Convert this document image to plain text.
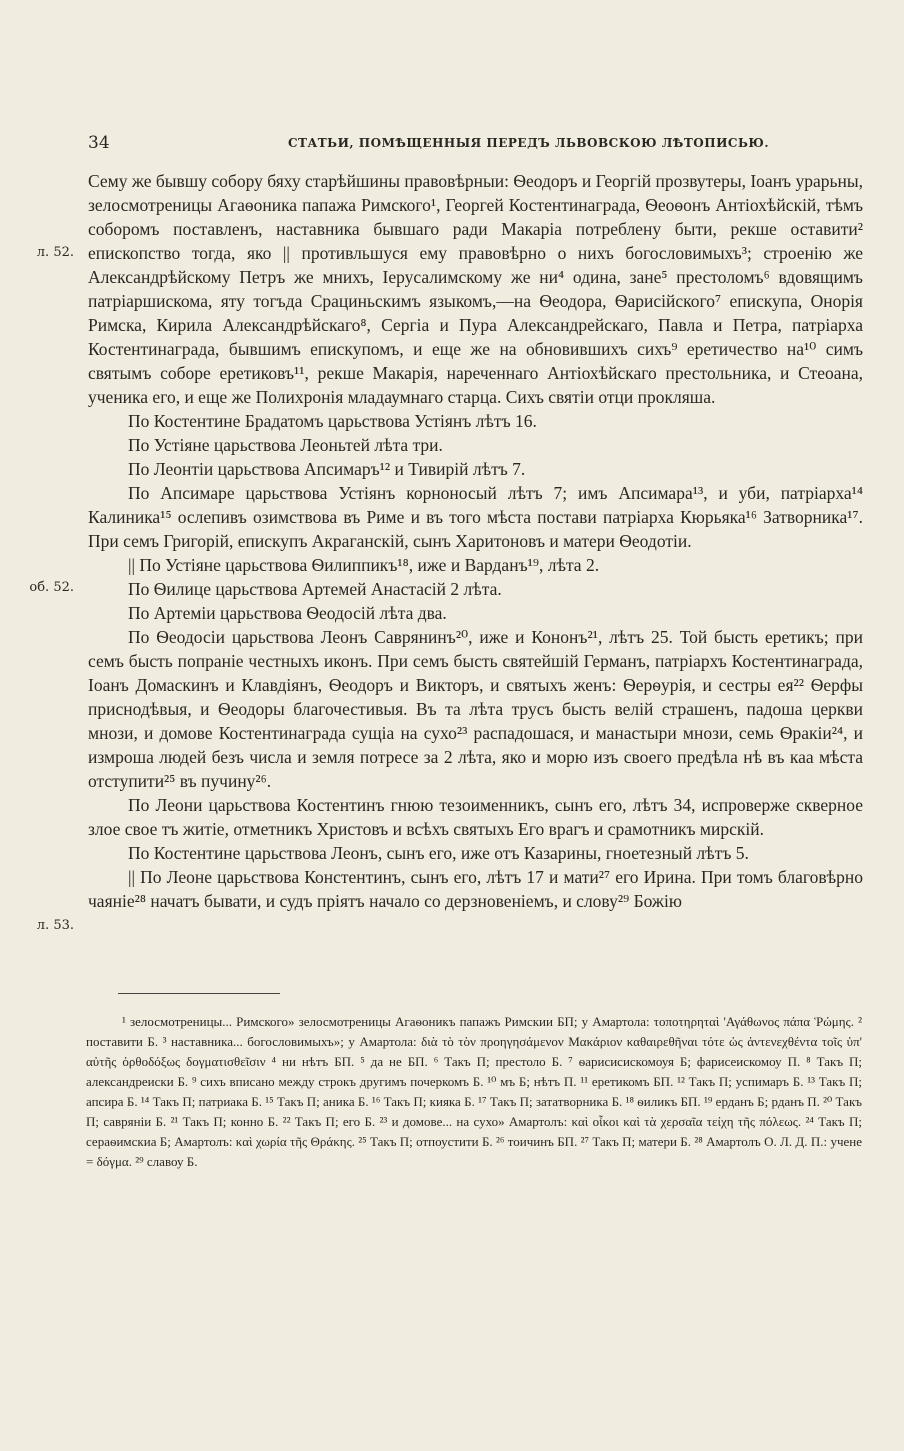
34	СТАТЬИ, ПОМѢЩЕННЫЯ ПЕРЕДЪ ЛЬВОВСКОЮ ЛѢТОПИСЬЮ.
л. 52.
об. 52.
л. 53.

Сему же бывшу собору бяху старѣйшины правовѣрныи: Ѳеодоръ и Георгій прозвутеры, Іоанъ урарьны, зелосмотреницы Агаѳоника папажа Римского¹, Георгей Костентинаграда, Ѳеоѳонъ Антіохѣйскій, тѣмъ соборомъ поставленъ, наставника бывшаго ради Макаріа потреблену быти, рекше оставити² епископство тогда, яко || противльшуся ему правовѣрно о нихъ богословимыхъ³; строенію же Александрѣйскому Петръ же мнихъ, Іерусалимскому же ни⁴ одина, зане⁵ престоломъ⁶ вдовящимъ патріаршискома, яту тогъда Срациньскимъ языкомъ,—на Ѳеодора, Ѳарисійского⁷ епискупа, Онорія Римска, Кирила Александрѣйскаго⁸, Сергіа и Пура Александрейскаго, Павла и Петра, патріарха Костентинаграда, бывшимъ епискупомъ, и еще же на обновившихъ сихъ⁹ еретичество на¹⁰ симъ святымъ соборе еретиковъ¹¹, рекше Макарія, нареченнаго Антіохѣйскаго престольника, и Стеоана, ученика его, и еще же Полихронія младаумнаго старца. Сихъ святіи отци прокляша.

По Костентине Брадатомъ царьствова Устіянъ лѣтъ 16.

По Устіяне царьствова Леоньтей лѣта три.

По Леонтіи царьствова Апсимаръ¹² и Тивирій лѣтъ 7.

По Апсимаре царьствова Устіянъ корноносый лѣтъ 7; имъ Апсимара¹³, и уби, патріарха¹⁴ Калиника¹⁵ ослепивъ озимствова въ Риме и въ того мѣста постави патріарха Кюрьяка¹⁶ Затворника¹⁷. При семъ Григорій, епискупъ Акраганскій, сынъ Харитоновъ и матери Ѳеодотіи.

|| По Устіяне царьствова Ѳилиппикъ¹⁸, иже и Варданъ¹⁹, лѣта 2.

По Ѳилице царьствова Артемей Анастасій 2 лѣта.

По Артеміи царьствова Ѳеодосій лѣта два.

По Ѳеодосіи царьствова Леонъ Саврянинъ²⁰, иже и Кононъ²¹, лѣтъ 25. Той бысть еретикъ; при семъ бысть попраніе честныхъ иконъ. При семъ бысть святейшій Германъ, патріархъ Костентинаграда, Іоанъ Домаскинъ и Клавдіянъ, Ѳеодоръ и Викторъ, и святыхъ женъ: Ѳерѳурія, и сестры ея²² Ѳерфы приснодѣвыя, и Ѳеодоры благочестивыя. Въ та лѣта трусъ бысть велій страшенъ, падоша церкви мнози, и домове Костентинаграда сущіа на сухо²³ распадошася, и манастыри мнози, семь Ѳракіи²⁴, и измроша людей безъ числа и земля потресе за 2 лѣта, яко и морю изъ своего предѣла нѣ въ каа мѣста отступити²⁵ въ пучину²⁶.

По Леони царьствова Костентинъ гнюю тезоименникъ, сынъ его, лѣтъ 34, испроверже скверное злое свое тъ житіе, отметникъ Христовъ и всѣхъ святыхъ Его врагъ и срамотникъ мирскій.

По Костентине царьствова Леонъ, сынъ его, иже отъ Казарины, гноетезный лѣтъ 5.

|| По Леоне царьствова Констентинъ, сынъ его, лѣтъ 17 и мати²⁷ его Ирина. При томъ благовѣрно чаяніе²⁸ начатъ бывати, и судъ пріятъ начало со дерзновеніемъ, и слову²⁹ Божію

¹ зелосмотреницы... Римского» зелосмотреницы Агаѳоникъ папажъ Римскии БП; у Амартола: τοποτηρηταὶ 'Αγάθωνος πάπα Ῥώμης. ² поставити Б. ³ наставника... богословимыхъ»; у Амартола: διὰ τὸ τὸν προηγησάμενον Μακάριον καθαιρεθῆναι τότε ὡς ἀντενεχθέντα τοῖς ὑπ' αὐτῆς ὀρθοδόξως δογματισθεῖσιν ⁴ ни нѣтъ БП. ⁵ да не БП. ⁶ Такъ П; престоло Б. ⁷ ѳарисисискомоуя Б; фарисеискомоу П. ⁸ Такъ П; александреиски Б. ⁹ сихъ вписано между строкъ другимъ почеркомъ Б. ¹⁰ мъ Б; нѣтъ П. ¹¹ еретикомъ БП. ¹² Такъ П; успимаръ Б. ¹³ Такъ П; апсира Б. ¹⁴ Такъ П; патриака Б. ¹⁵ Такъ П; аника Б. ¹⁶ Такъ П; кияка Б. ¹⁷ Такъ П; зататворника Б. ¹⁸ ѳиликъ БП. ¹⁹ ерданъ Б; рданъ П. ²⁰ Такъ П; савряніи Б. ²¹ Такъ П; конно Б. ²² Такъ П; его Б. ²³ и домове... на сухо» Амартолъ: καὶ οἶκοι καὶ τὰ χερσαῖα τείχη τῆς πόλεως. ²⁴ Такъ П; сераѳимскиа Б; Амартолъ: καὶ χωρία τῆς Θράκης. ²⁵ Такъ П; отпоустити Б. ²⁶ тоичинъ БП. ²⁷ Такъ П; матери Б. ²⁸ Амартолъ О. Л. Д. П.: учене = δόγμα. ²⁹ славоу Б.
